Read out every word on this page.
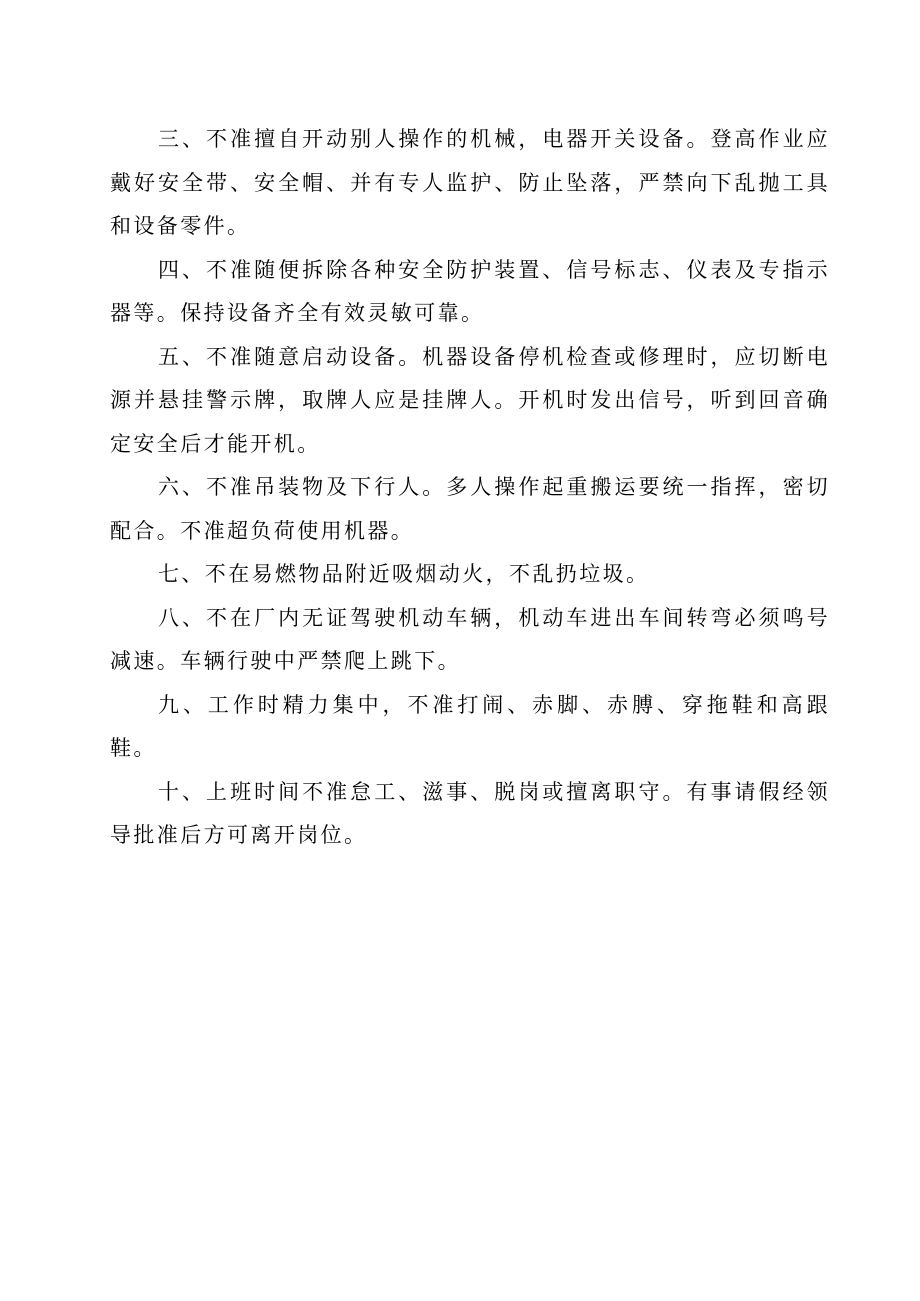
三、不准擅自开动别人操作的机械，电器开关设备。登高作业应戴好安全带、安全帽、并有专人监护、防止坠落，严禁向下乱抛工具和设备零件。

四、不准随便拆除各种安全防护装置、信号标志、仪表及专指示器等。保持设备齐全有效灵敏可靠。

五、不准随意启动设备。机器设备停机检查或修理时，应切断电源并悬挂警示牌，取牌人应是挂牌人。开机时发出信号，听到回音确定安全后才能开机。

六、不准吊装物及下行人。多人操作起重搬运要统一指挥，密切配合。不准超负荷使用机器。

七、不在易燃物品附近吸烟动火，不乱扔垃圾。

八、不在厂内无证驾驶机动车辆，机动车进出车间转弯必须鸣号减速。车辆行驶中严禁爬上跳下。

九、工作时精力集中，不准打闹、赤脚、赤膊、穿拖鞋和高跟鞋。

十、上班时间不准怠工、滋事、脱岗或擅离职守。有事请假经领导批准后方可离开岗位。
